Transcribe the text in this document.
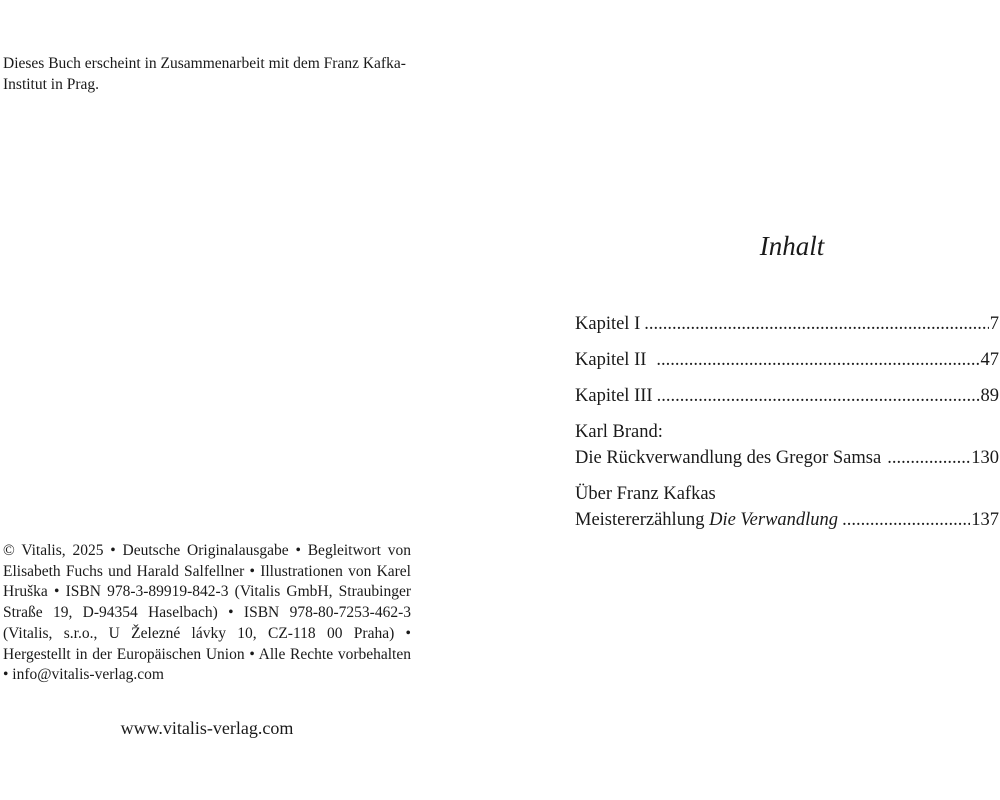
Dieses Buch erscheint in Zusammenarbeit mit dem Franz Kafka-Institut in Prag.

© Vitalis, 2025 • Deutsche Originalausgabe • Begleitwort von Elisabeth Fuchs und Harald Salfellner • Illustrationen von Karel Hruška • ISBN 978-3-89919-842-3 (Vitalis GmbH, Straubinger Straße 19, D-94354 Haselbach) • ISBN 978-80-7253-462-3 (Vitalis, s.r.o., U Železné lávky 10, CZ-118 00 Praha) • Hergestellt in der Europäischen Union • Alle Rechte vorbehalten • info@vitalis-verlag.com

www.vitalis-verlag.com

Inhalt
Kapitel I .....	7
Kapitel II .....	47
Kapitel III .....	89
Karl Brand:
Die Rückverwandlung des Gregor Samsa .....	130
Über Franz Kafkas
Meistererzählung Die Verwandlung .....	137
